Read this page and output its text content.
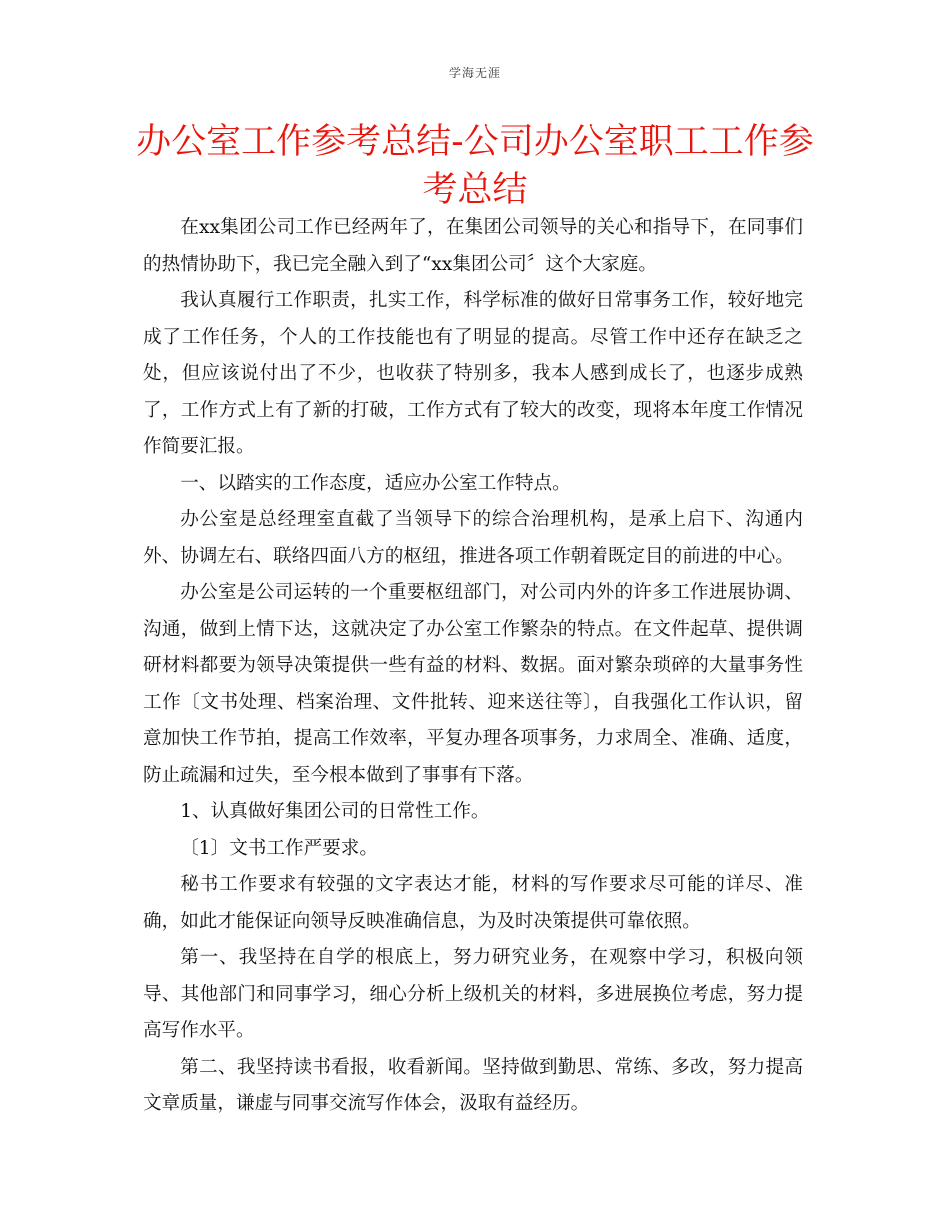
学海无涯
办公室工作参考总结-公司办公室职工工作参考总结

在xx集团公司工作已经两年了，在集团公司领导的关心和指导下，在同事们的热情协助下，我已完全融入到了“xx集团公司〞这个大家庭。

我认真履行工作职责，扎实工作，科学标准的做好日常事务工作，较好地完成了工作任务，个人的工作技能也有了明显的提高。尽管工作中还存在缺乏之处，但应该说付出了不少，也收获了特别多，我本人感到成长了，也逐步成熟了，工作方式上有了新的打破，工作方式有了较大的改变，现将本年度工作情况作简要汇报。

一、以踏实的工作态度，适应办公室工作特点。

办公室是总经理室直截了当领导下的综合治理机构，是承上启下、沟通内外、协调左右、联络四面八方的枢纽，推进各项工作朝着既定目的前进的中心。

办公室是公司运转的一个重要枢纽部门，对公司内外的许多工作进展协调、沟通，做到上情下达，这就决定了办公室工作繁杂的特点。在文件起草、提供调研材料都要为领导决策提供一些有益的材料、数据。面对繁杂琐碎的大量事务性工作〔文书处理、档案治理、文件批转、迎来送往等〕，自我强化工作认识，留意加快工作节拍，提高工作效率，平复办理各项事务，力求周全、准确、适度，防止疏漏和过失，至今根本做到了事事有下落。

1、认真做好集团公司的日常性工作。

〔1〕文书工作严要求。

秘书工作要求有较强的文字表达才能，材料的写作要求尽可能的详尽、准确，如此才能保证向领导反映准确信息，为及时决策提供可靠依照。

第一、我坚持在自学的根底上，努力研究业务，在观察中学习，积极向领导、其他部门和同事学习，细心分析上级机关的材料，多进展换位考虑，努力提高写作水平。

第二、我坚持读书看报，收看新闻。坚持做到勤思、常练、多改，努力提高文章质量，谦虚与同事交流写作体会，汲取有益经历。
